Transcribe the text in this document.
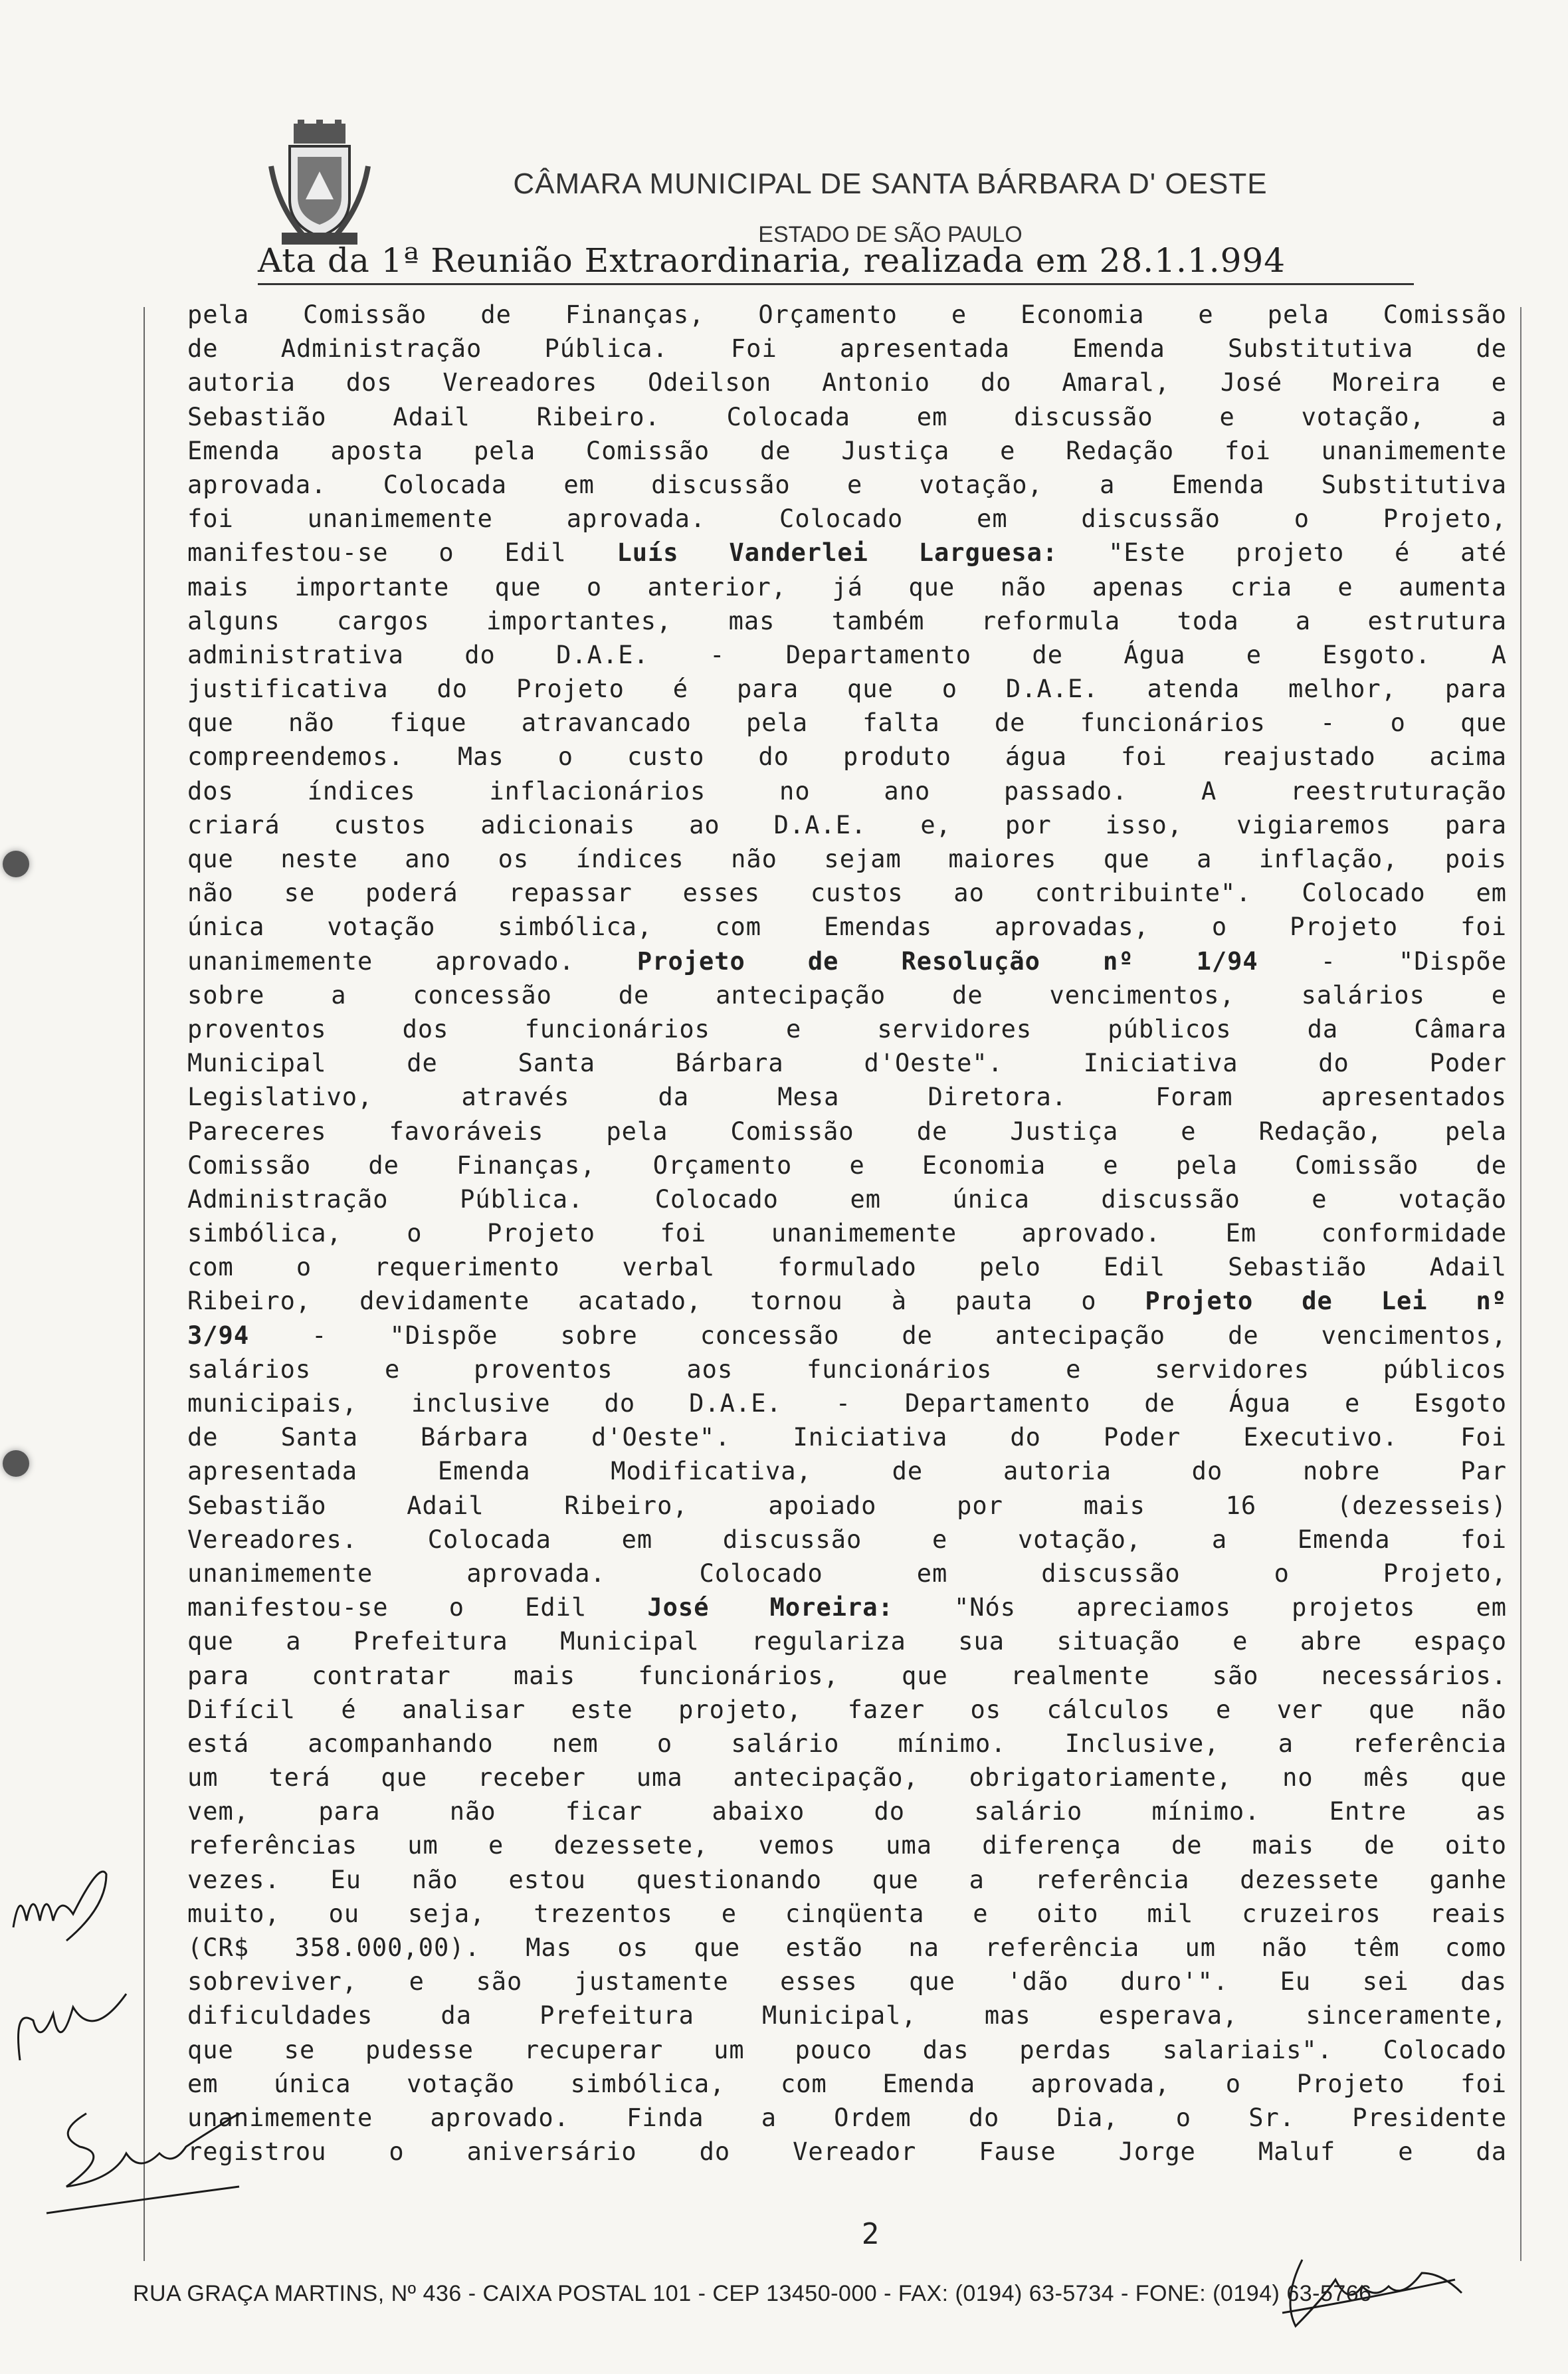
CÂMARA MUNICIPAL DE SANTA BÁRBARA D' OESTE
ESTADO DE SÃO PAULO
Ata da 1ª Reunião Extraordinaria, realizada em 28.1.1.994
pela Comissão de Finanças, Orçamento e Economia e pela Comissão
de Administração Pública. Foi apresentada Emenda Substitutiva de
autoria dos Vereadores Odeilson Antonio do Amaral, José Moreira e
Sebastião Adail Ribeiro. Colocada em discussão e votação, a
Emenda aposta pela Comissão de Justiça e Redação foi unanimemente
aprovada. Colocada em discussão e votação, a Emenda Substitutiva
foi unanimemente aprovada. Colocado em discussão o Projeto,
manifestou-se o Edil Luís Vanderlei Larguesa: "Este projeto é até
mais importante que o anterior, já que não apenas cria e aumenta
alguns cargos importantes, mas também reformula toda a estrutura
administrativa do D.A.E. - Departamento de Água e Esgoto. A
justificativa do Projeto é para que o D.A.E. atenda melhor, para
que não fique atravancado pela falta de funcionários - o que
compreendemos. Mas o custo do produto água foi reajustado acima
dos índices inflacionários no ano passado. A reestruturação
criará custos adicionais ao D.A.E. e, por isso, vigiaremos para
que neste ano os índices não sejam maiores que a inflação, pois
não se poderá repassar esses custos ao contribuinte". Colocado em
única votação simbólica, com Emendas aprovadas, o Projeto foi
unanimemente aprovado. Projeto de Resolução nº 1/94 - "Dispõe
sobre a concessão de antecipação de vencimentos, salários e
proventos dos funcionários e servidores públicos da Câmara
Municipal de Santa Bárbara d'Oeste". Iniciativa do Poder
Legislativo, através da Mesa Diretora. Foram apresentados
Pareceres favoráveis pela Comissão de Justiça e Redação, pela
Comissão de Finanças, Orçamento e Economia e pela Comissão de
Administração Pública. Colocado em única discussão e votação
simbólica, o Projeto foi unanimemente aprovado. Em conformidade
com o requerimento verbal formulado pelo Edil Sebastião Adail
Ribeiro, devidamente acatado, tornou à pauta o Projeto de Lei nº
3/94 - "Dispõe sobre concessão de antecipação de vencimentos,
salários e proventos aos funcionários e servidores públicos
municipais, inclusive do D.A.E. - Departamento de Água e Esgoto
de Santa Bárbara d'Oeste". Iniciativa do Poder Executivo. Foi
apresentada Emenda Modificativa, de autoria do nobre Par
Sebastião Adail Ribeiro, apoiado por mais 16 (dezesseis)
Vereadores. Colocada em discussão e votação, a Emenda foi
unanimemente aprovada. Colocado em discussão o Projeto,
manifestou-se o Edil José Moreira: "Nós apreciamos projetos em
que a Prefeitura Municipal regulariza sua situação e abre espaço
para contratar mais funcionários, que realmente são necessários.
Difícil é analisar este projeto, fazer os cálculos e ver que não
está acompanhando nem o salário mínimo. Inclusive, a referência
um terá que receber uma antecipação, obrigatoriamente, no mês que
vem, para não ficar abaixo do salário mínimo. Entre as
referências um e dezessete, vemos uma diferença de mais de oito
vezes. Eu não estou questionando que a referência dezessete ganhe
muito, ou seja, trezentos e cinqüenta e oito mil cruzeiros reais
(CR$ 358.000,00). Mas os que estão na referência um não têm como
sobreviver, e são justamente esses que 'dão duro'". Eu sei das
dificuldades da Prefeitura Municipal, mas esperava, sinceramente,
que se pudesse recuperar um pouco das perdas salariais". Colocado
em única votação simbólica, com Emenda aprovada, o Projeto foi
unanimemente aprovado. Finda a Ordem do Dia, o Sr. Presidente
registrou o aniversário do Vereador Fause Jorge Maluf e da
2
RUA GRAÇA MARTINS, Nº 436 - CAIXA POSTAL 101 - CEP 13450-000 - FAX: (0194) 63-5734 - FONE: (0194) 63-5766
